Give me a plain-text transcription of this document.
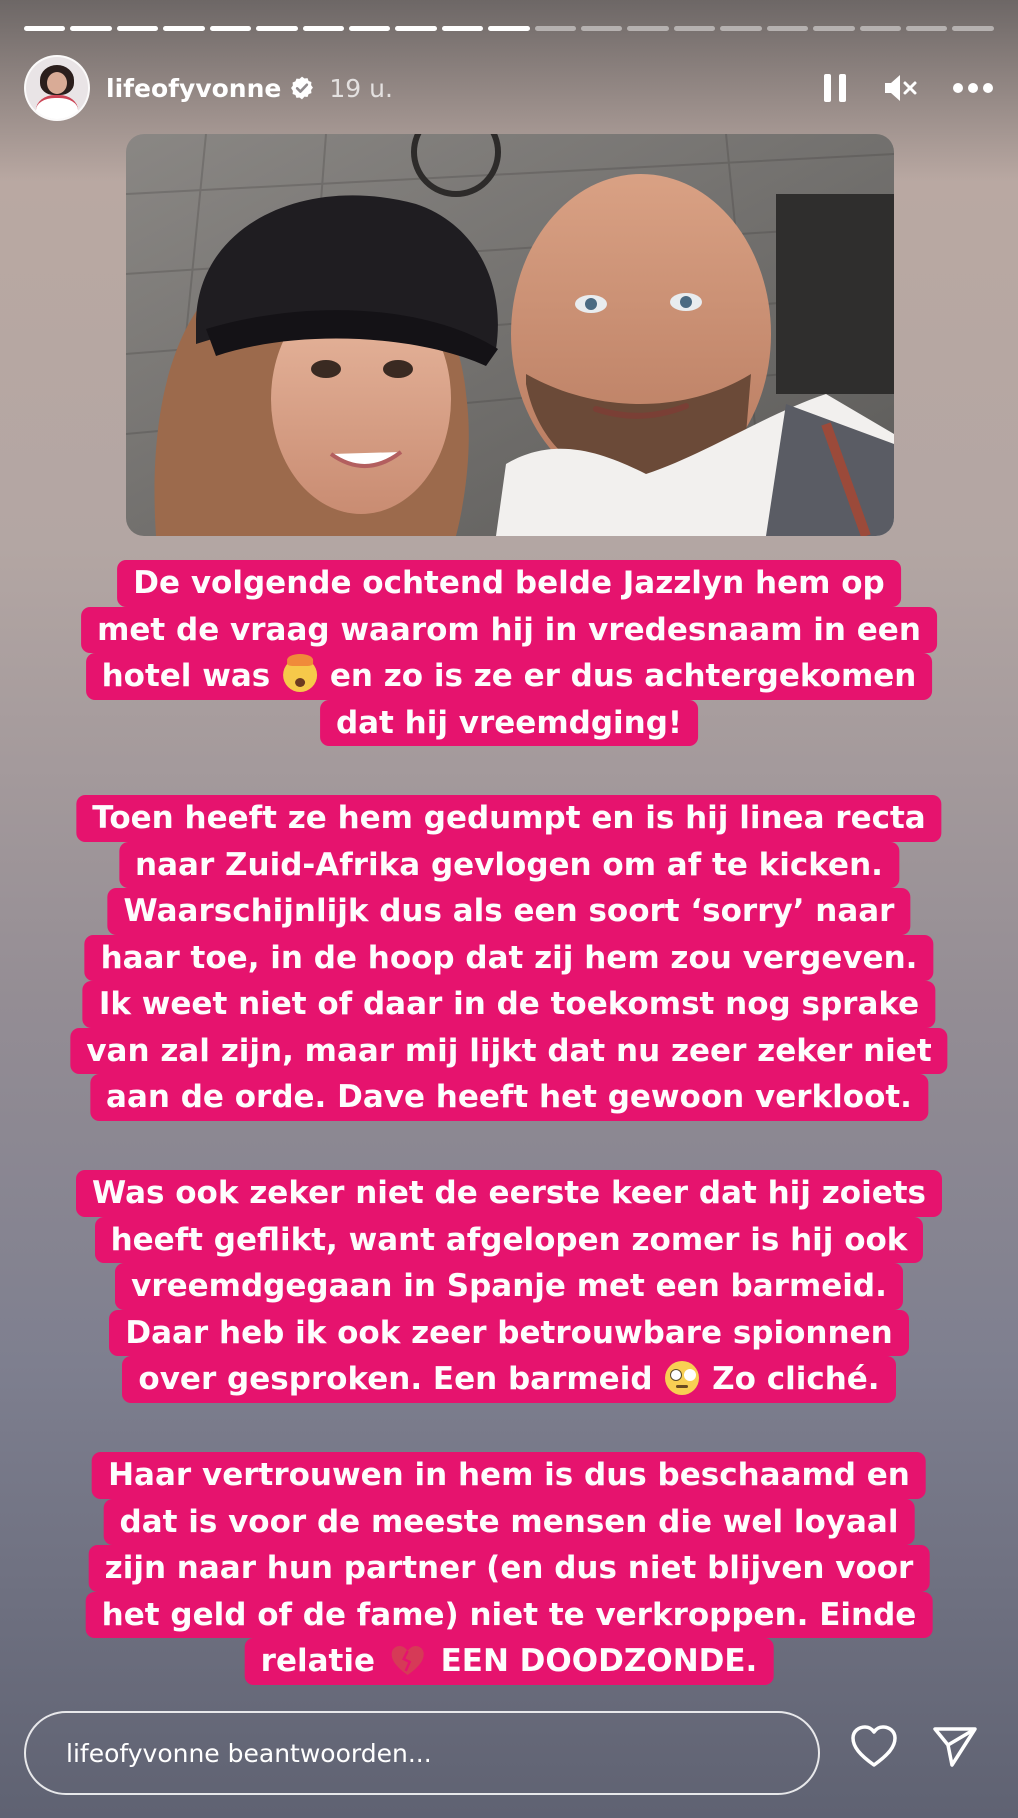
lifeofyvonne 19 u.
De volgende ochtend belde Jazzlyn hem op
met de vraag waarom hij in vredesnaam in een
hotel was  en zo is ze er dus achtergekomen
dat hij vreemdging!
Toen heeft ze hem gedumpt en is hij linea recta
naar Zuid-Afrika gevlogen om af te kicken.
Waarschijnlijk dus als een soort ‘sorry’ naar
haar toe, in de hoop dat zij hem zou vergeven.
Ik weet niet of daar in de toekomst nog sprake
van zal zijn, maar mij lijkt dat nu zeer zeker niet
aan de orde. Dave heeft het gewoon verkloot.
Was ook zeker niet de eerste keer dat hij zoiets
heeft geflikt, want afgelopen zomer is hij ook
vreemdgegaan in Spanje met een barmeid.
Daar heb ik ook zeer betrouwbare spionnen
over gesproken. Een barmeid  Zo cliché.
Haar vertrouwen in hem is dus beschaamd en
dat is voor de meeste mensen die wel loyaal
zijn naar hun partner (en dus niet blijven voor
het geld of de fame) niet te verkroppen. Einde
relatie  EEN DOODZONDE.
lifeofyvonne beantwoorden...
